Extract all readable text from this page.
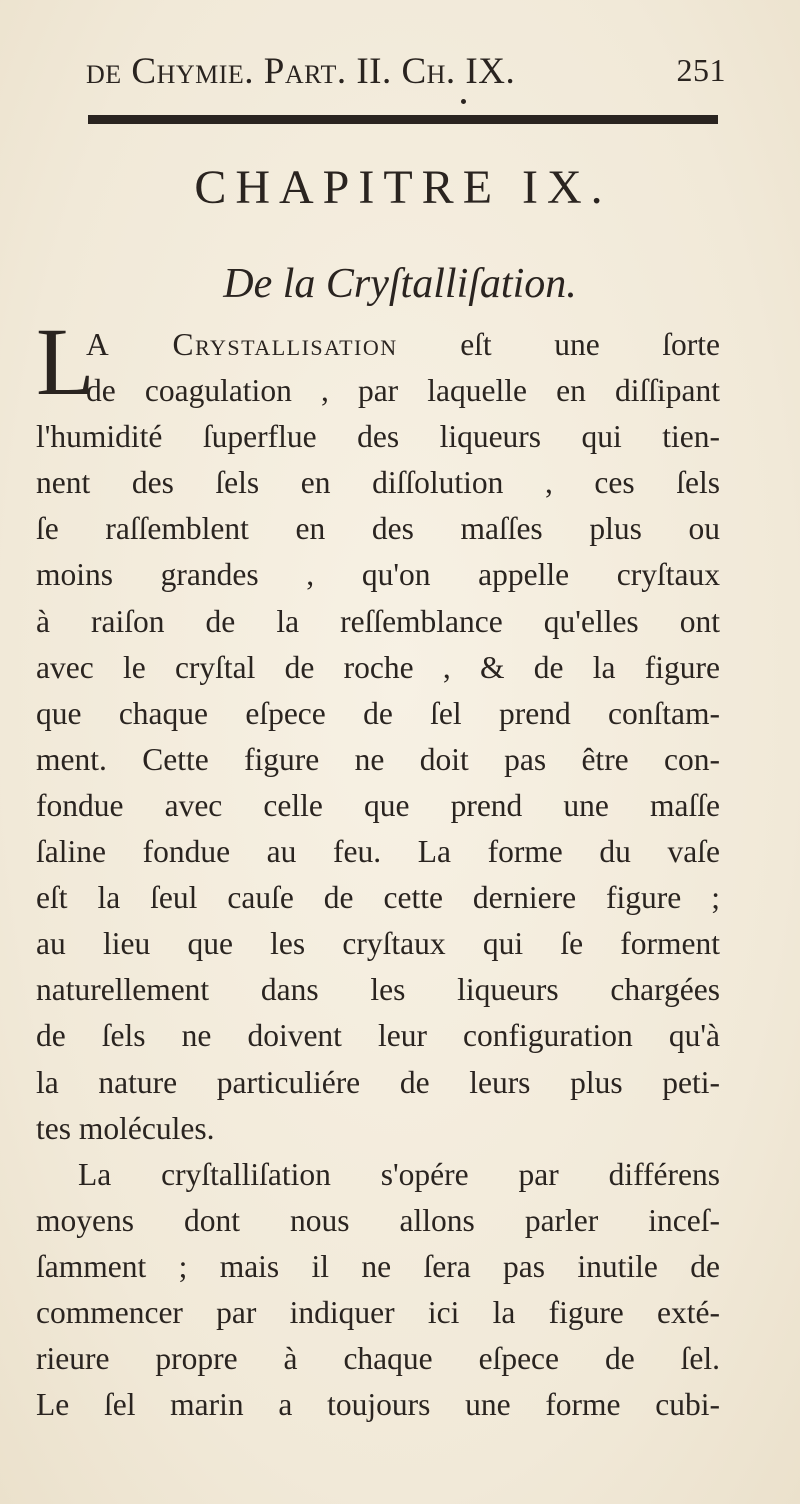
de Chymie. Part. II. Ch. IX.	251
CHAPITRE IX.
De la Cryſtalliſation.
L
A Crystallisation eſt une ſorte
de coagulation , par laquelle en diſſipant
l'humidité ſuperflue des liqueurs qui tien-
nent des ſels en diſſolution , ces ſels
ſe raſſemblent en des maſſes plus ou
moins grandes , qu'on appelle cryſtaux
à raiſon de la reſſemblance qu'elles ont
avec le cryſtal de roche , & de la figure
que chaque eſpece de ſel prend conſtam-
ment. Cette figure ne doit pas être con-
fondue avec celle que prend une maſſe
ſaline fondue au feu. La forme du vaſe
eſt la ſeul cauſe de cette derniere figure ;
au lieu que les cryſtaux qui ſe forment
naturellement dans les liqueurs chargées
de ſels ne doivent leur configuration qu'à
la nature particuliére de leurs plus peti-
tes molécules.
La cryſtalliſation s'opére par différens
moyens dont nous allons parler inceſ-
ſamment ; mais il ne ſera pas inutile de
commencer par indiquer ici la figure exté-
rieure propre à chaque eſpece de ſel.
Le ſel marin a toujours une forme cubi-
